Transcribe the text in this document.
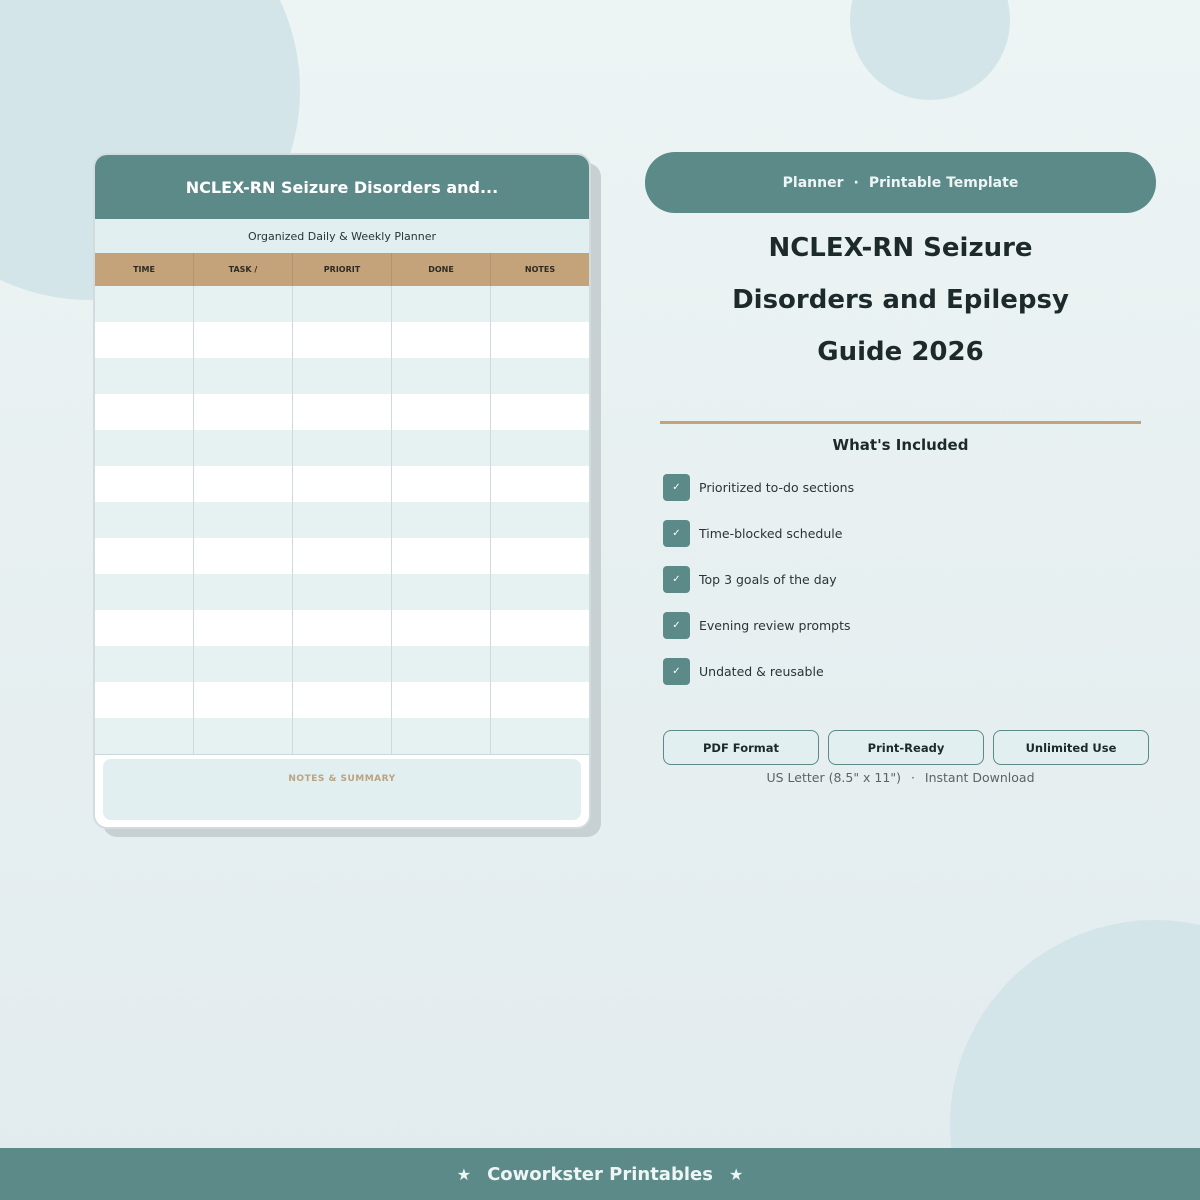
NCLEX-RN Seizure Disorders and...
Organized Daily & Weekly Planner
TIME	TASK /	PRIORIT	DONE	NOTES
NOTES & SUMMARY
Planner · Printable Template
NCLEX-RN Seizure
Disorders and Epilepsy
Guide 2026
What's Included
✓	Prioritized to-do sections
✓	Time-blocked schedule
✓	Top 3 goals of the day
✓	Evening review prompts
✓	Undated & reusable
PDF Format	Print-Ready	Unlimited Use
US Letter (8.5" x 11") · Instant Download
★ Coworkster Printables ★
